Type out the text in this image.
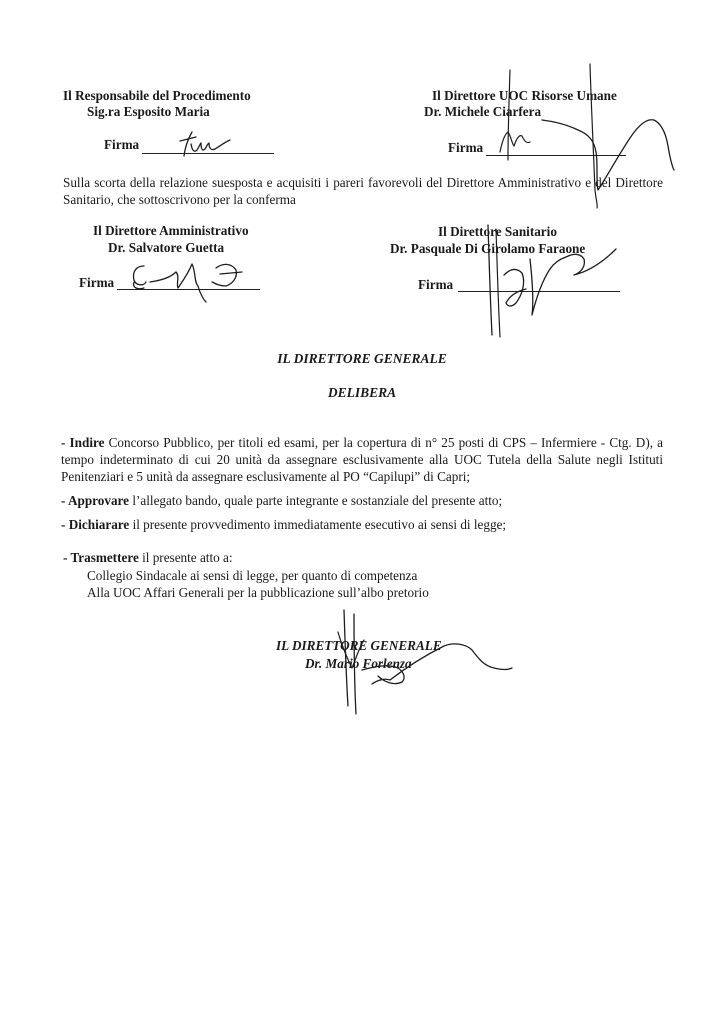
Il Responsabile del Procedimento
Sig.ra Esposito Maria
Firma
Il Direttore UOC Risorse Umane
Dr. Michele Ciarfera
Firma
Sulla scorta della relazione suesposta e acquisiti i pareri favorevoli del Direttore Amministrativo e del Direttore Sanitario, che sottoscrivono per la conferma
Il Direttore Amministrativo
Dr. Salvatore Guetta
Firma
Il Direttore Sanitario
Dr. Pasquale Di Girolamo Faraone
Firma
IL DIRETTORE GENERALE
DELIBERA
- Indire Concorso Pubblico, per titoli ed esami, per la copertura di n° 25 posti di CPS – Infermiere - Ctg. D), a tempo indeterminato di cui 20 unità da assegnare esclusivamente alla UOC Tutela della Salute negli Istituti Penitenziari e 5 unità da assegnare esclusivamente al PO “Capilupi” di Capri;
- Approvare l’allegato bando, quale parte integrante e sostanziale del presente atto;
- Dichiarare il presente provvedimento immediatamente esecutivo ai sensi di legge;
- Trasmettere il presente atto a:
Collegio Sindacale ai sensi di legge, per quanto di competenza
Alla UOC Affari Generali per la pubblicazione sull’albo pretorio
IL DIRETTORE GENERALE
Dr. Mario Forlenza
